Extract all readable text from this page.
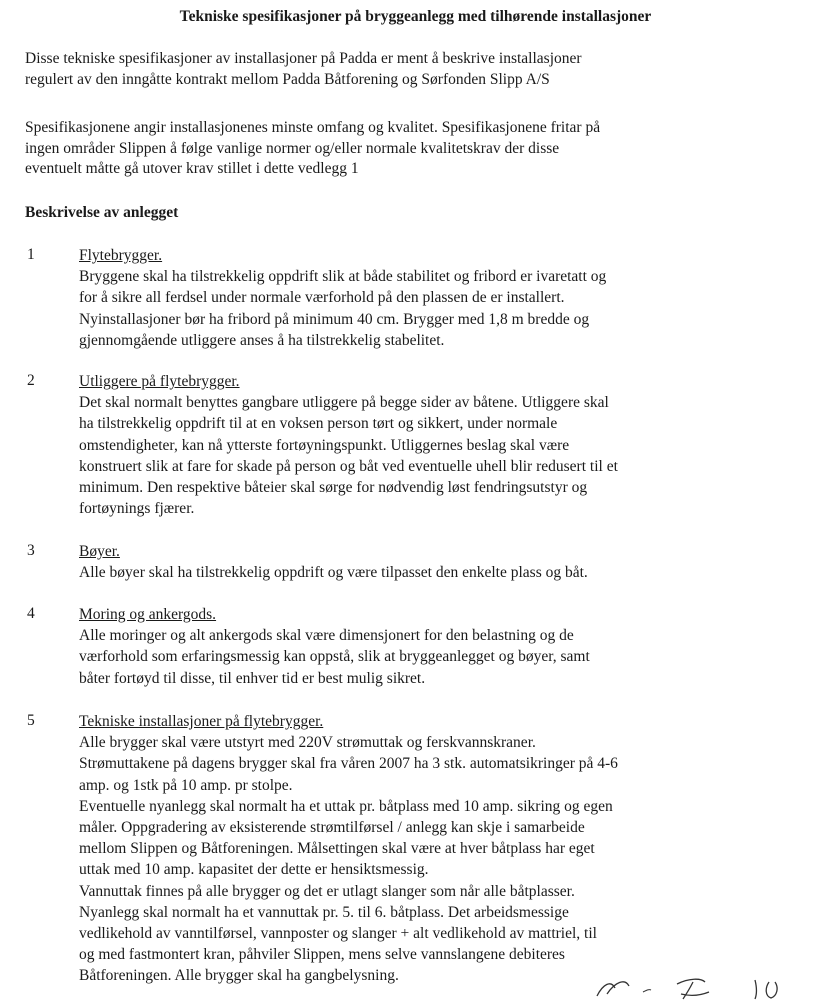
Tekniske spesifikasjoner på bryggeanlegg med tilhørende installasjoner
Disse tekniske spesifikasjoner av installasjoner på Padda er ment å beskrive installasjoner
regulert av den inngåtte kontrakt mellom Padda Båtforening og Sørfonden Slipp A/S
Spesifikasjonene angir installasjonenes minste omfang og kvalitet. Spesifikasjonene fritar på
ingen områder Slippen å følge vanlige normer og/eller normale kvalitetskrav der disse
eventuelt måtte gå utover krav stillet i dette vedlegg 1
Beskrivelse av anlegget
1	Flytebrygger.
Bryggene skal ha tilstrekkelig oppdrift slik at både stabilitet og fribord er ivaretatt og
for å sikre all ferdsel under normale værforhold på den plassen de er installert.
Nyinstallasjoner bør ha fribord på minimum 40 cm. Brygger med 1,8 m bredde og
gjennomgående utliggere anses å ha tilstrekkelig stabelitet.
2	Utliggere på flytebrygger.
Det skal normalt benyttes gangbare utliggere på begge sider av båtene. Utliggere skal
ha tilstrekkelig oppdrift til at en voksen person tørt og sikkert, under normale
omstendigheter, kan nå ytterste fortøyningspunkt. Utliggernes beslag skal være
konstruert slik at fare for skade på person og båt ved eventuelle uhell blir redusert til et
minimum. Den respektive båteier skal sørge for nødvendig løst fendringsutstyr og
fortøynings fjærer.
3	Bøyer.
Alle bøyer skal ha tilstrekkelig oppdrift og være tilpasset den enkelte plass og båt.
4	Moring og ankergods.
Alle moringer og alt ankergods skal være dimensjonert for den belastning og de
værforhold som erfaringsmessig kan oppstå, slik at bryggeanlegget og bøyer, samt
båter fortøyd til disse, til enhver tid er best mulig sikret.
5	Tekniske installasjoner på flytebrygger.
Alle brygger skal være utstyrt med 220V strømuttak og ferskvannskraner.
Strømuttakene på dagens brygger skal fra våren 2007 ha 3 stk. automatsikringer på 4-6
amp. og 1stk på 10 amp. pr stolpe.
Eventuelle nyanlegg skal normalt ha et uttak pr. båtplass med 10 amp. sikring og egen
måler. Oppgradering av eksisterende strømtilførsel / anlegg kan skje i samarbeide
mellom Slippen og Båtforeningen. Målsettingen skal være at hver båtplass har eget
uttak med 10 amp. kapasitet der dette er hensiktsmessig.
Vannuttak finnes på alle brygger og det er utlagt slanger som når alle båtplasser.
Nyanlegg skal normalt ha et vannuttak pr. 5. til 6. båtplass. Det arbeidsmessige
vedlikehold av vanntilførsel, vannposter og slanger + alt vedlikehold av mattriel, til
og med fastmontert kran, påhviler Slippen, mens selve vannslangene debiteres
Båtforeningen. Alle brygger skal ha gangbelysning.
